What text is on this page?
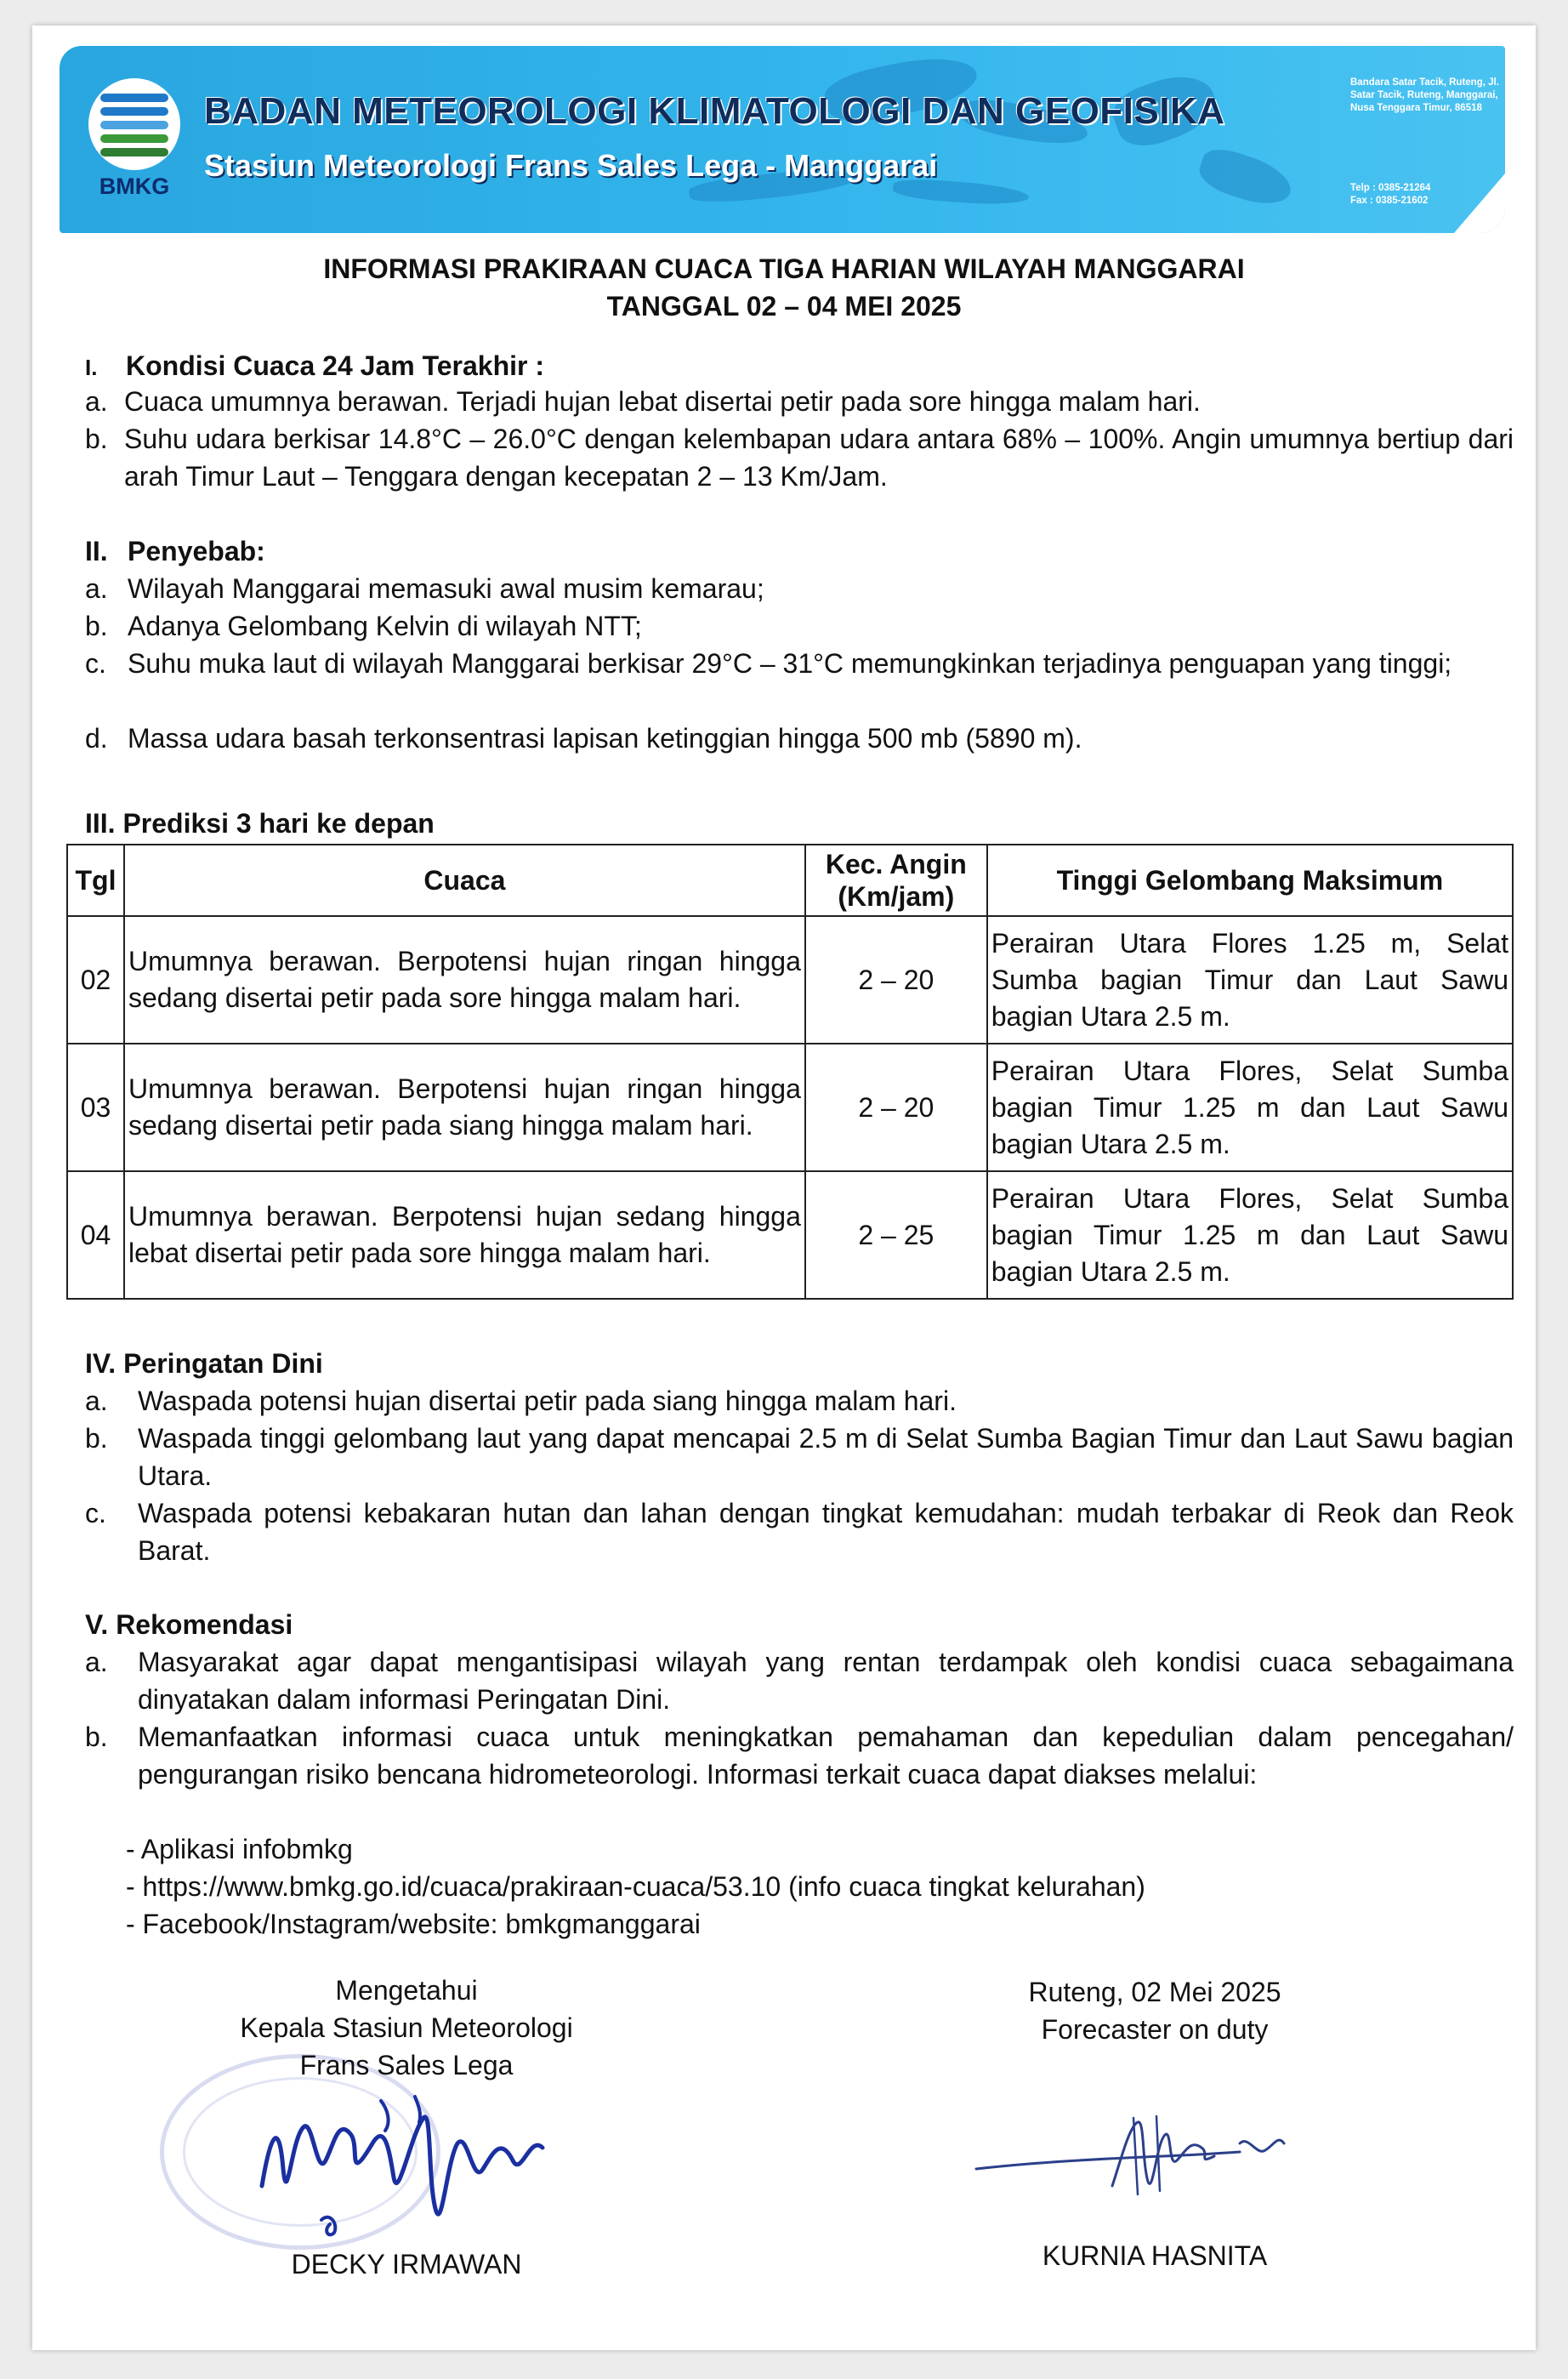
BMKG
BADAN METEOROLOGI KLIMATOLOGI DAN GEOFISIKA
Stasiun Meteorologi Frans Sales Lega - Manggarai
Bandara Satar Tacik, Ruteng, Jl. Satar Tacik, Ruteng, Manggarai, Nusa Tenggara Timur, 86518
Telp : 0385-21264
Fax : 0385-21602
INFORMASI PRAKIRAAN CUACA TIGA HARIAN WILAYAH MANGGARAI
TANGGAL 02 – 04 MEI 2025
I. Kondisi Cuaca 24 Jam Terakhir :
a. Cuaca umumnya berawan. Terjadi hujan lebat disertai petir pada sore hingga malam hari.
b. Suhu udara berkisar 14.8°C – 26.0°C dengan kelembapan udara antara 68% – 100%. Angin umumnya bertiup dari arah Timur Laut – Tenggara dengan kecepatan 2 – 13 Km/Jam.
II. Penyebab:
a. Wilayah Manggarai memasuki awal musim kemarau;
b. Adanya Gelombang Kelvin di wilayah NTT;
c. Suhu muka laut di wilayah Manggarai berkisar 29°C – 31°C memungkinkan terjadinya penguapan yang tinggi;
d. Massa udara basah terkonsentrasi lapisan ketinggian hingga 500 mb (5890 m).
III. Prediksi 3 hari ke depan
Tgl	Cuaca	Kec. Angin (Km/jam)	Tinggi Gelombang Maksimum
02	Umumnya berawan. Berpotensi hujan ringan hingga sedang disertai petir pada sore hingga malam hari.	2 – 20	Perairan Utara Flores 1.25 m, Selat Sumba bagian Timur dan Laut Sawu bagian Utara 2.5 m.
03	Umumnya berawan. Berpotensi hujan ringan hingga sedang disertai petir pada siang hingga malam hari.	2 – 20	Perairan Utara Flores, Selat Sumba bagian Timur 1.25 m dan Laut Sawu bagian Utara 2.5 m.
04	Umumnya berawan. Berpotensi hujan sedang hingga lebat disertai petir pada sore hingga malam hari.	2 – 25	Perairan Utara Flores, Selat Sumba bagian Timur 1.25 m dan Laut Sawu bagian Utara 2.5 m.
IV. Peringatan Dini
a. Waspada potensi hujan disertai petir pada siang hingga malam hari.
b. Waspada tinggi gelombang laut yang dapat mencapai 2.5 m di Selat Sumba Bagian Timur dan Laut Sawu bagian Utara.
c. Waspada potensi kebakaran hutan dan lahan dengan tingkat kemudahan: mudah terbakar di Reok dan Reok Barat.
V. Rekomendasi
a. Masyarakat agar dapat mengantisipasi wilayah yang rentan terdampak oleh kondisi cuaca sebagaimana dinyatakan dalam informasi Peringatan Dini.
b. Memanfaatkan informasi cuaca untuk meningkatkan pemahaman dan kepedulian dalam pencegahan/ pengurangan risiko bencana hidrometeorologi. Informasi terkait cuaca dapat diakses melalui:
- Aplikasi infobmkg
- https://www.bmkg.go.id/cuaca/prakiraan-cuaca/53.10 (info cuaca tingkat kelurahan)
- Facebook/Instagram/website: bmkgmanggarai
Mengetahui
Kepala Stasiun Meteorologi
Frans Sales Lega
DECKY IRMAWAN
Ruteng, 02 Mei 2025
Forecaster on duty
KURNIA HASNITA
